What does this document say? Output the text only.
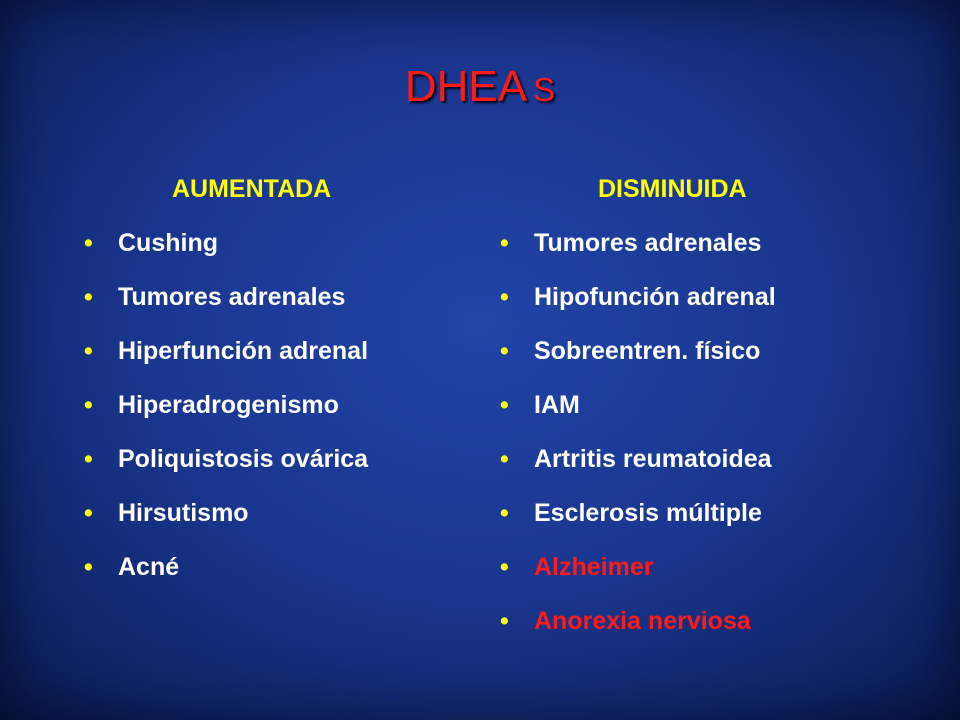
DHEA S
AUMENTADA
• Cushing
• Tumores adrenales
• Hiperfunción adrenal
• Hiperadrogenismo
• Poliquistosis ovárica
• Hirsutismo
• Acné
DISMINUIDA
• Tumores adrenales
• Hipofunción adrenal
• Sobreentren. físico
• IAM
• Artritis reumatoidea
• Esclerosis múltiple
• Alzheimer
• Anorexia nerviosa
